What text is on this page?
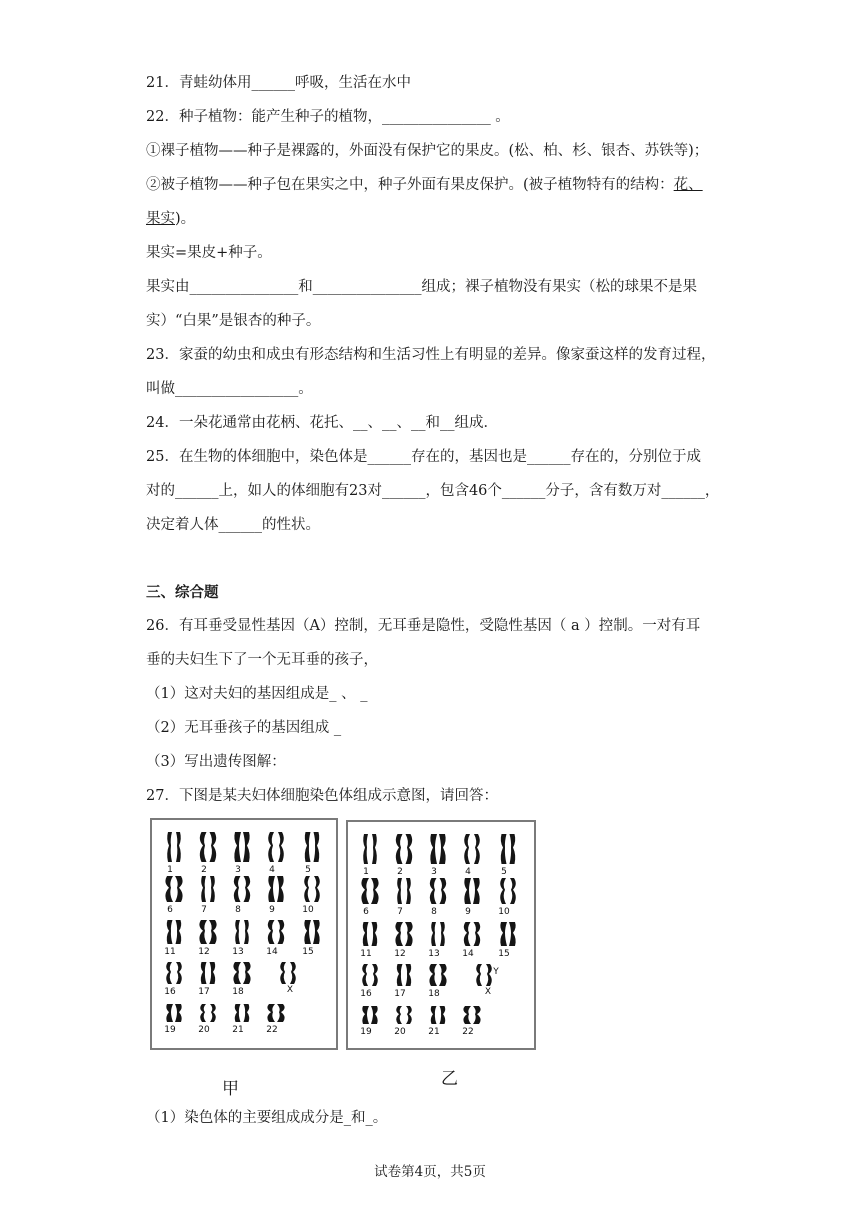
21．青蛙幼体用______呼吸，生活在水中
22．种子植物：能产生种子的植物，_______________ 。
①裸子植物——种子是裸露的，外面没有保护它的果皮。(松、柏、杉、银杏、苏铁等)；
②被子植物——种子包在果实之中，种子外面有果皮保护。(被子植物特有的结构：花、
果实)。
果实=果皮+种子。
果实由_______________和_______________组成；裸子植物没有果实（松的球果不是果
实）“白果”是银杏的种子。
23．家蚕的幼虫和成虫有形态结构和生活习性上有明显的差异。像家蚕这样的发育过程，
叫做_________________。
24．一朵花通常由花柄、花托、__、__、__和__组成．
25．在生物的体细胞中，染色体是______存在的，基因也是______存在的，分别位于成
对的______上，如人的体细胞有23对______，包含46个______分子，含有数万对______，
决定着人体______的性状。
三、综合题
26．有耳垂受显性基因（A）控制，无耳垂是隐性，受隐性基因（ a ）控制。一对有耳
垂的夫妇生下了一个无耳垂的孩子，
（1）这对夫妇的基因组成是_ 、 _
（2）无耳垂孩子的基因组成 _
（3）写出遗传图解：
27．下图是某夫妇体细胞染色体组成示意图，请回答：
1	2	3	4	5
6	7	8	9	10
11	12	13	14	15
16	17	18
19	20	21	22
X
1	2	3	4	5
6	7	8	9	10
11	12	13	14	15
16	17	18
19	20	21	22
X
Y
甲	乙
（1）染色体的主要组成成分是_和_。
试卷第4页，共5页
